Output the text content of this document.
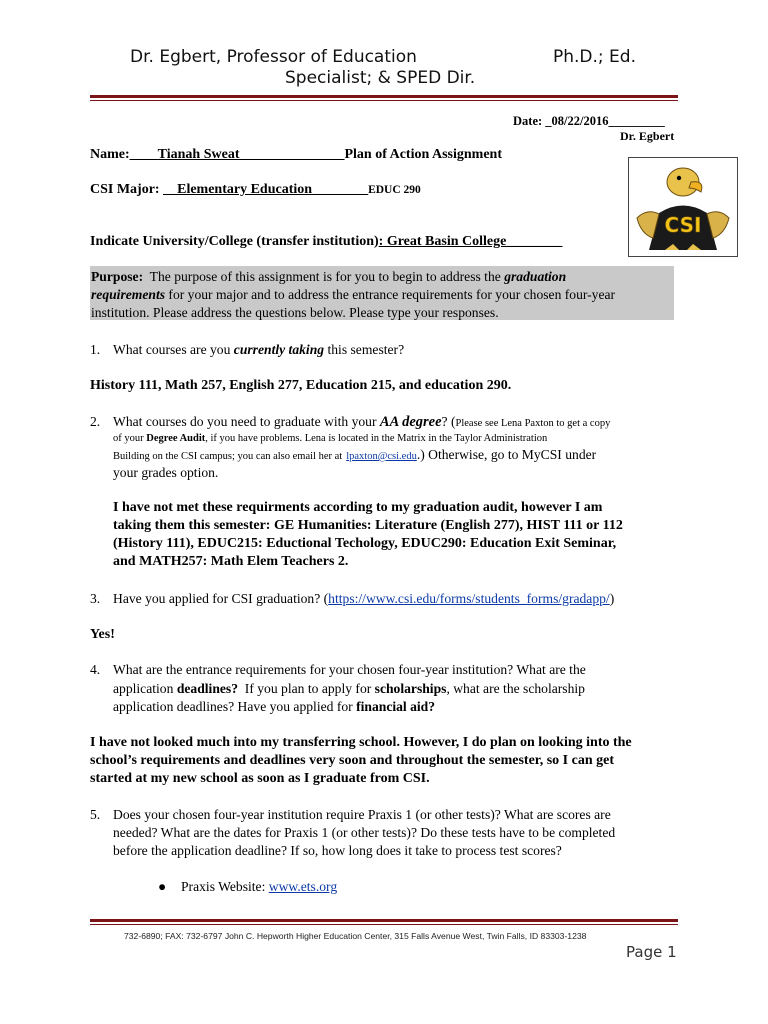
Dr. Egbert, Professor of Education	Ph.D.; Ed.
Specialist; & SPED Dir.
Date: _08/22/2016_________
Dr. Egbert
Name:____Tianah Sweat_______________Plan of Action Assignment
CSI Major: __Elementary Education________EDUC 290
Indicate University/College (transfer institution): Great Basin College________
CSI
Purpose: The purpose of this assignment is for you to begin to address the graduation
requirements for your major and to address the entrance requirements for your chosen four-year
institution. Please address the questions below. Please type your responses.
1. What courses are you currently taking this semester?
History 111, Math 257, English 277, Education 215, and education 290.
2. What courses do you need to graduate with your AA degree? (Please see Lena Paxton to get a copy
of your Degree Audit, if you have problems. Lena is located in the Matrix in the Taylor Administration
Building on the CSI campus; you can also email her at lpaxton@csi.edu.) Otherwise, go to MyCSI under
your grades option.
I have not met these requirments according to my graduation audit, however I am
taking them this semester: GE Humanities: Literature (English 277), HIST 111 or 112
(History 111), EDUC215: Eductional Techology, EDUC290: Education Exit Seminar,
and MATH257: Math Elem Teachers 2.
3. Have you applied for CSI graduation? (https://www.csi.edu/forms/students_forms/gradapp/)
Yes!
4. What are the entrance requirements for your chosen four-year institution? What are the
application deadlines? If you plan to apply for scholarships, what are the scholarship
application deadlines? Have you applied for financial aid?
I have not looked much into my transferring school. However, I do plan on looking into the
school’s requirements and deadlines very soon and throughout the semester, so I can get
started at my new school as soon as I graduate from CSI.
5. Does your chosen four-year institution require Praxis 1 (or other tests)? What are scores are
needed? What are the dates for Praxis 1 (or other tests)? Do these tests have to be completed
before the application deadline? If so, how long does it take to process test scores?
● Praxis Website: www.ets.org
732-6890; FAX: 732-6797 John C. Hepworth Higher Education Center, 315 Falls Avenue West, Twin Falls, ID 83303-1238
Page 1
